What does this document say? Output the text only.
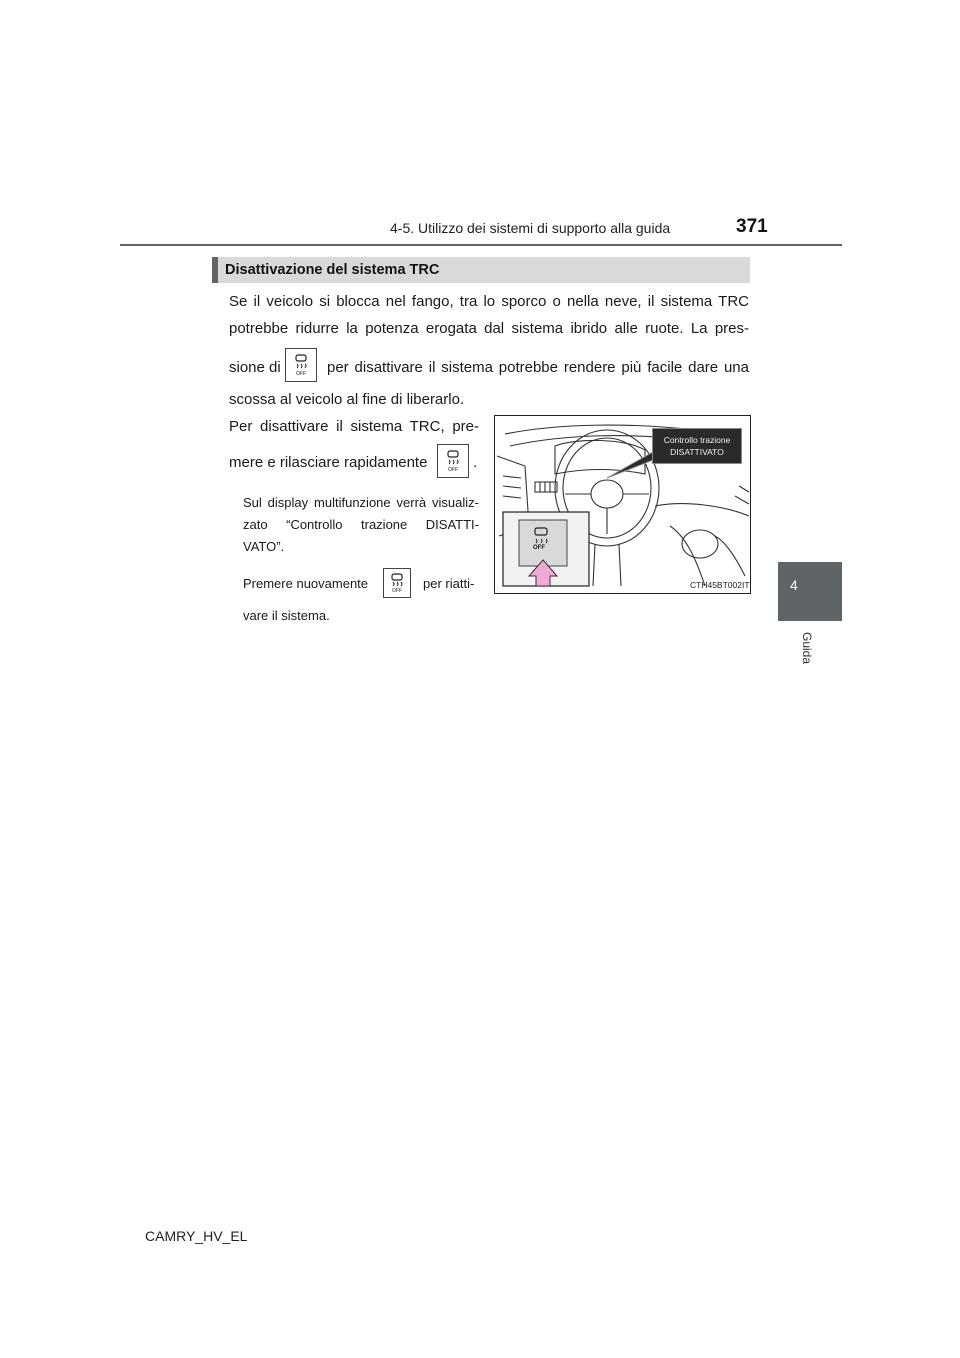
4-5. Utilizzo dei sistemi di supporto alla guida	371
4
Guida
Disattivazione del sistema TRC
Se il veicolo si blocca nel fango, tra lo sporco o nella neve, il sistema TRC
potrebbe ridurre la potenza erogata dal sistema ibrido alle ruote. La pres-
sione di	OFF per disattivare il sistema potrebbe rendere più facile dare una
scossa al veicolo al fine di liberarlo.
Per disattivare il sistema TRC, pre-
mere e rilasciare rapidamente	OFF .
Sul display multifunzione verrà visualiz-
zato “Controllo trazione DISATTI-
VATO”.
Premere nuovamente	OFF per riatti-
vare il sistema.
OFF
Controllo trazione
DISATTIVATO
CTH45BT002IT
CAMRY_HV_EL
